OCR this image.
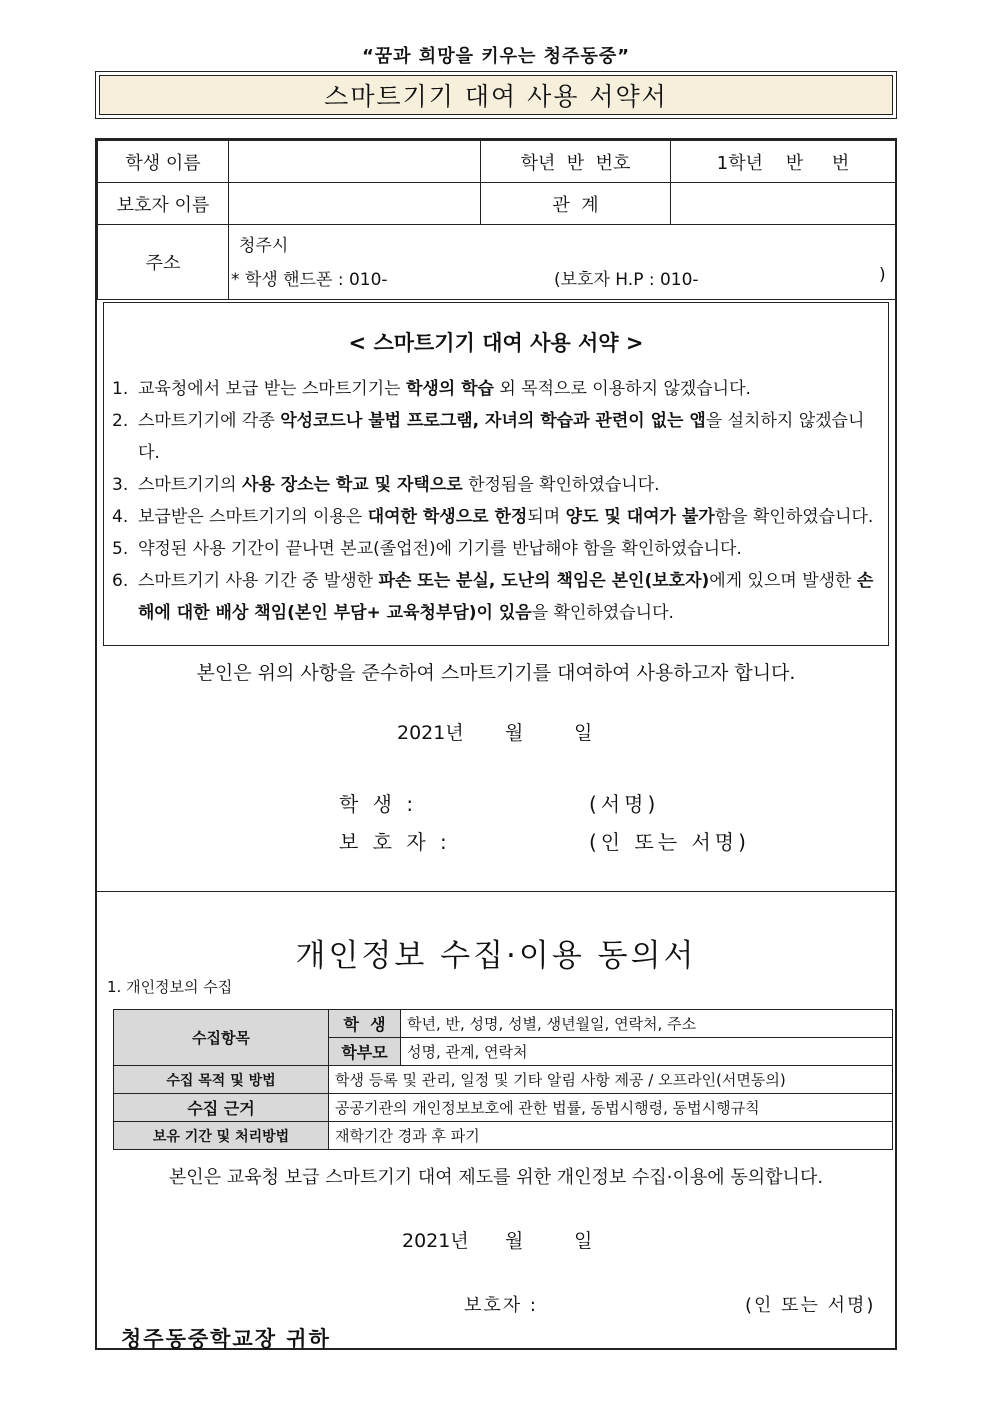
“꿈과 희망을 키우는 청주동중”
스마트기기 대여 사용 서약서
학생 이름		학년  반  번호	1학년    반     번
보호자 이름		관  계	
주소	청주시
* 학생 핸드폰 : 010- (보호자 H.P : 010- )		
< 스마트기기 대여 사용 서약 >
1. 교육청에서 보급 받는 스마트기기는 학생의 학습 외 목적으로 이용하지 않겠습니다.
2. 스마트기기에 각종 악성코드나 불법 프로그램, 자녀의 학습과 관련이 없는 앱을 설치하지 않겠습니다.
3. 스마트기기의 사용 장소는 학교 및 자택으로 한정됨을 확인하였습니다.
4. 보급받은 스마트기기의 이용은 대여한 학생으로 한정되며 양도 및 대여가 불가함을 확인하였습니다.
5. 약정된 사용 기간이 끝나면 본교(졸업전)에 기기를 반납해야 함을 확인하였습니다.
6. 스마트기기 사용 기간 중 발생한 파손 또는 분실, 도난의 책임은 본인(보호자)에게 있으며 발생한 손해에 대한 배상 책임(본인 부담+ 교육청부담)이 있음을 확인하였습니다.
본인은 위의 사항을 준수하여 스마트기기를 대여하여 사용하고자 합니다.
2021년 월	일
학 생 :	(서명)
보 호 자 :	(인 또는 서명)
개인정보 수집·이용 동의서
1. 개인정보의 수집
수집항목	학  생	학년, 반, 성명, 성별, 생년월일, 연락처, 주소
	학부모	성명, 관계, 연락처
수집 목적 및 방법	학생 등록 및 관리, 일정 및 기타 알림 사항 제공 / 오프라인(서면동의)	
수집 근거	공공기관의 개인정보보호에 관한 법률, 동법시행령, 동법시행규칙	
보유 기간 및 처리방법	재학기간 경과 후 파기	
본인은 교육청 보급 스마트기기 대여 제도를 위한 개인정보 수집·이용에 동의합니다.
2021년 월	일
보호자 :	(인 또는 서명)
청주동중학교장 귀하
